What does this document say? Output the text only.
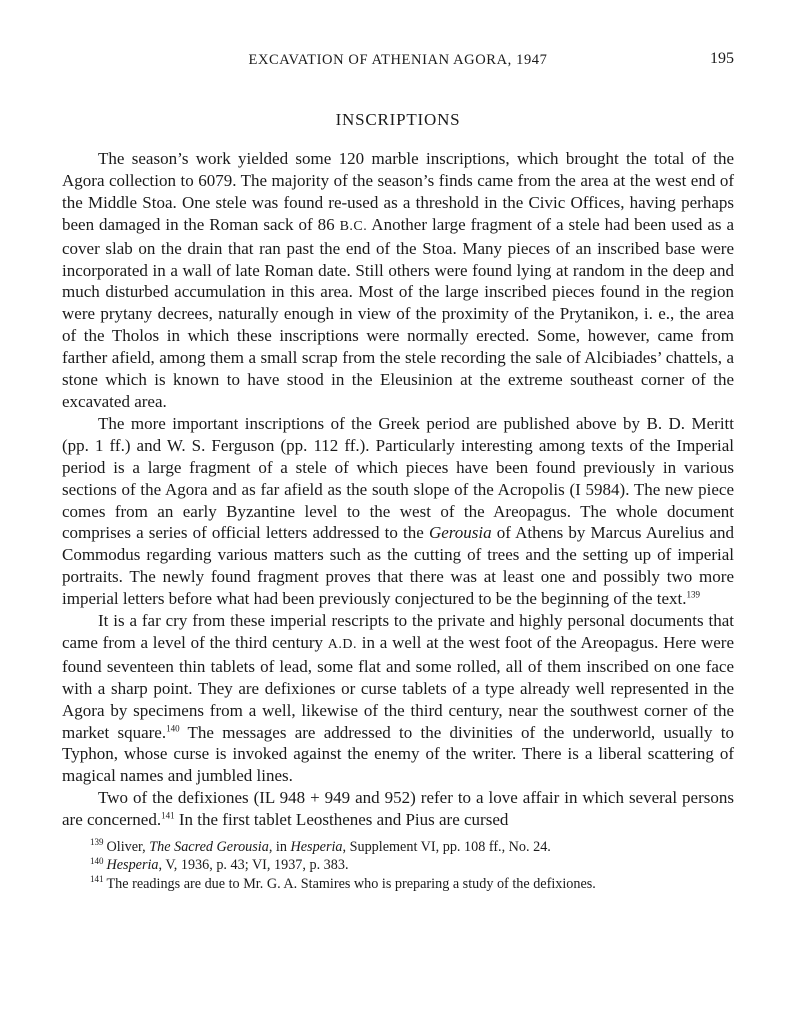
EXCAVATION OF ATHENIAN AGORA, 1947	195
INSCRIPTIONS

The season’s work yielded some 120 marble inscriptions, which brought the total of the Agora collection to 6079. The majority of the season’s finds came from the area at the west end of the Middle Stoa. One stele was found re-used as a threshold in the Civic Offices, having perhaps been damaged in the Roman sack of 86 B.C. Another large fragment of a stele had been used as a cover slab on the drain that ran past the end of the Stoa. Many pieces of an inscribed base were incorporated in a wall of late Roman date. Still others were found lying at random in the deep and much disturbed accumulation in this area. Most of the large inscribed pieces found in the region were prytany decrees, naturally enough in view of the proximity of the Prytanikon, i. e., the area of the Tholos in which these inscriptions were normally erected. Some, however, came from farther afield, among them a small scrap from the stele recording the sale of Alcibiades’ chattels, a stone which is known to have stood in the Eleusinion at the extreme southeast corner of the excavated area.

The more important inscriptions of the Greek period are published above by B. D. Meritt (pp. 1 ff.) and W. S. Ferguson (pp. 112 ff.). Particularly interesting among texts of the Imperial period is a large fragment of a stele of which pieces have been found previously in various sections of the Agora and as far afield as the south slope of the Acropolis (I 5984). The new piece comes from an early Byzantine level to the west of the Areopagus. The whole document comprises a series of official letters addressed to the Gerousia of Athens by Marcus Aurelius and Commodus regarding various matters such as the cutting of trees and the setting up of imperial portraits. The newly found fragment proves that there was at least one and possibly two more imperial letters before what had been previously conjectured to be the beginning of the text.$^{139}$

It is a far cry from these imperial rescripts to the private and highly personal documents that came from a level of the third century A.D. in a well at the west foot of the Areopagus. Here were found seventeen thin tablets of lead, some flat and some rolled, all of them inscribed on one face with a sharp point. They are defixiones or curse tablets of a type already well represented in the Agora by specimens from a well, likewise of the third century, near the southwest corner of the market square.$^{140}$ The messages are addressed to the divinities of the underworld, usually to Typhon, whose curse is invoked against the enemy of the writer. There is a liberal scattering of magical names and jumbled lines.

Two of the defixiones (IL 948 + 949 and 952) refer to a love affair in which several persons are concerned.$^{141}$ In the first tablet Leosthenes and Pius are cursed

$^{139}$ Oliver, The Sacred Gerousia, in Hesperia, Supplement VI, pp. 108 ff., No. 24.

$^{140}$ Hesperia, V, 1936, p. 43; VI, 1937, p. 383.

$^{141}$ The readings are due to Mr. G. A. Stamires who is preparing a study of the defixiones.
